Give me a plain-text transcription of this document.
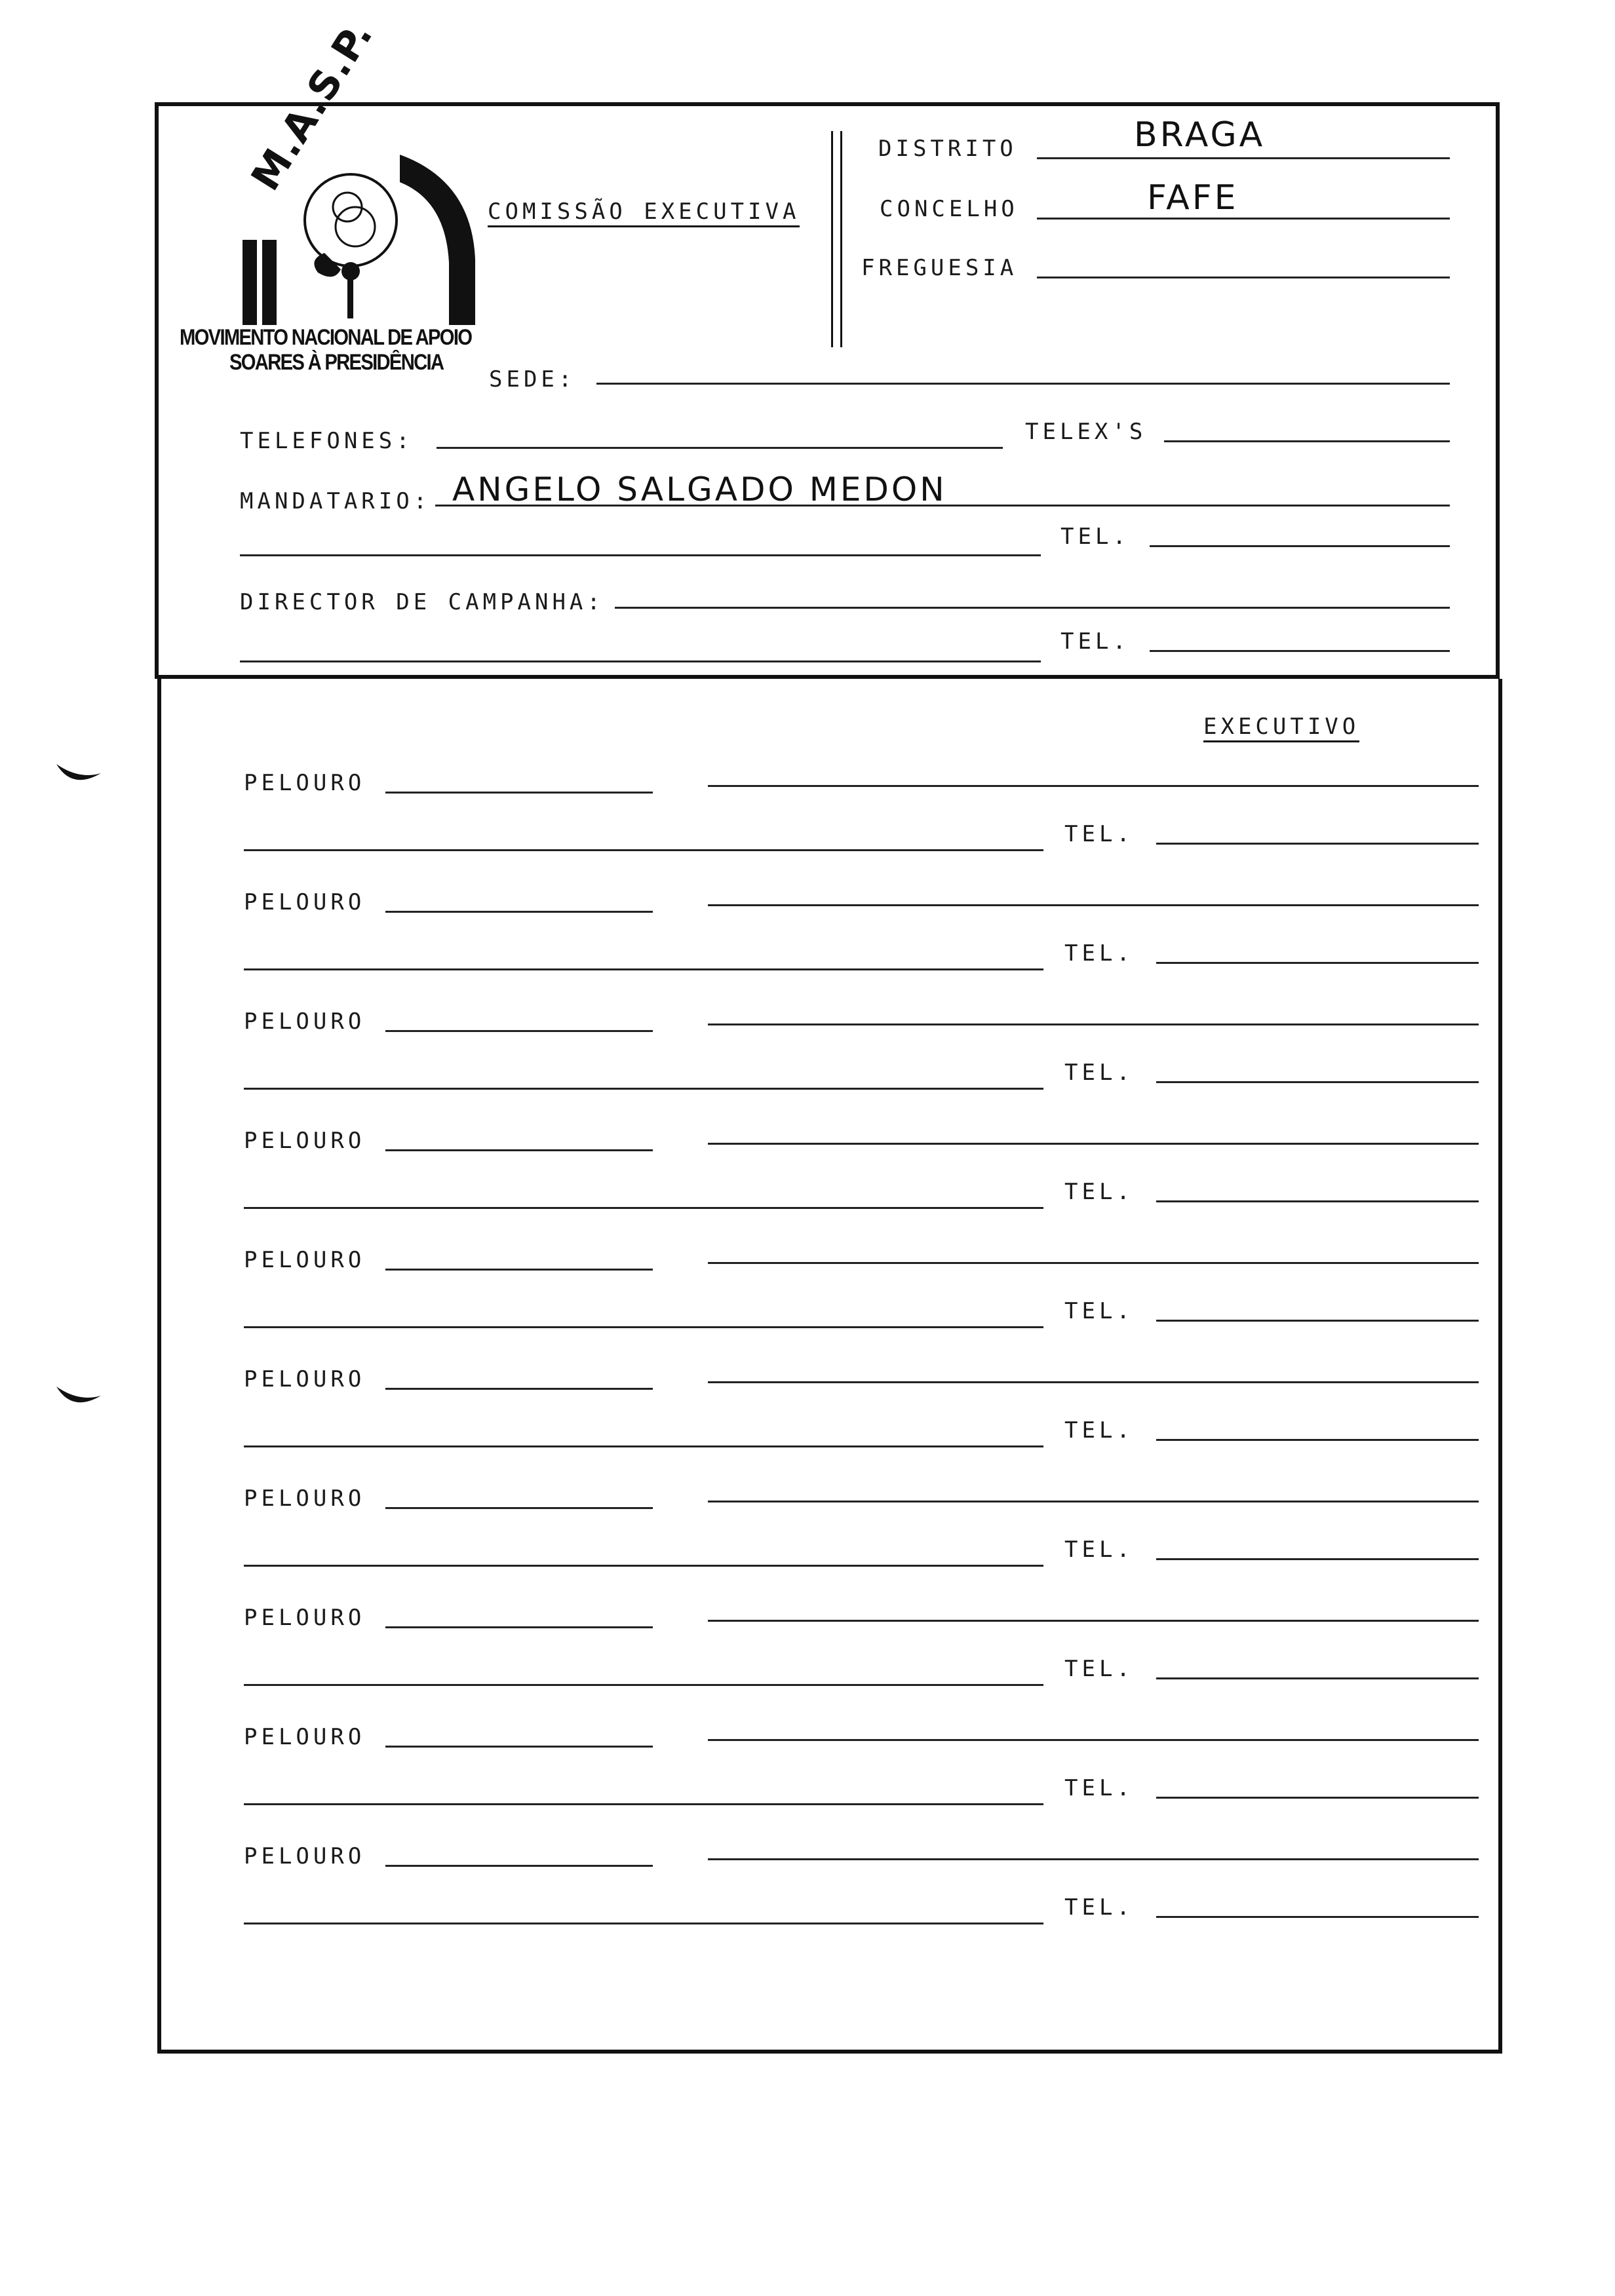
M.A.S.P.
MOVIMENTO NACIONAL DE APOIO
SOARES À PRESIDÊNCIA
COMISSÃO EXECUTIVA
DISTRITO	BRAGA
CONCELHO	FAFE
FREGUESIA
SEDE:
TELEFONES:	TELEX'S
MANDATARIO: ANGELO SALGADO MEDON
TEL.
DIRECTOR DE CAMPANHA:
TEL.
EXECUTIVO
PELOURO
TEL.
PELOURO
TEL.
PELOURO
TEL.
PELOURO
TEL.
PELOURO
TEL.
PELOURO
TEL.
PELOURO
TEL.
PELOURO
TEL.
PELOURO
TEL.
PELOURO
TEL.
